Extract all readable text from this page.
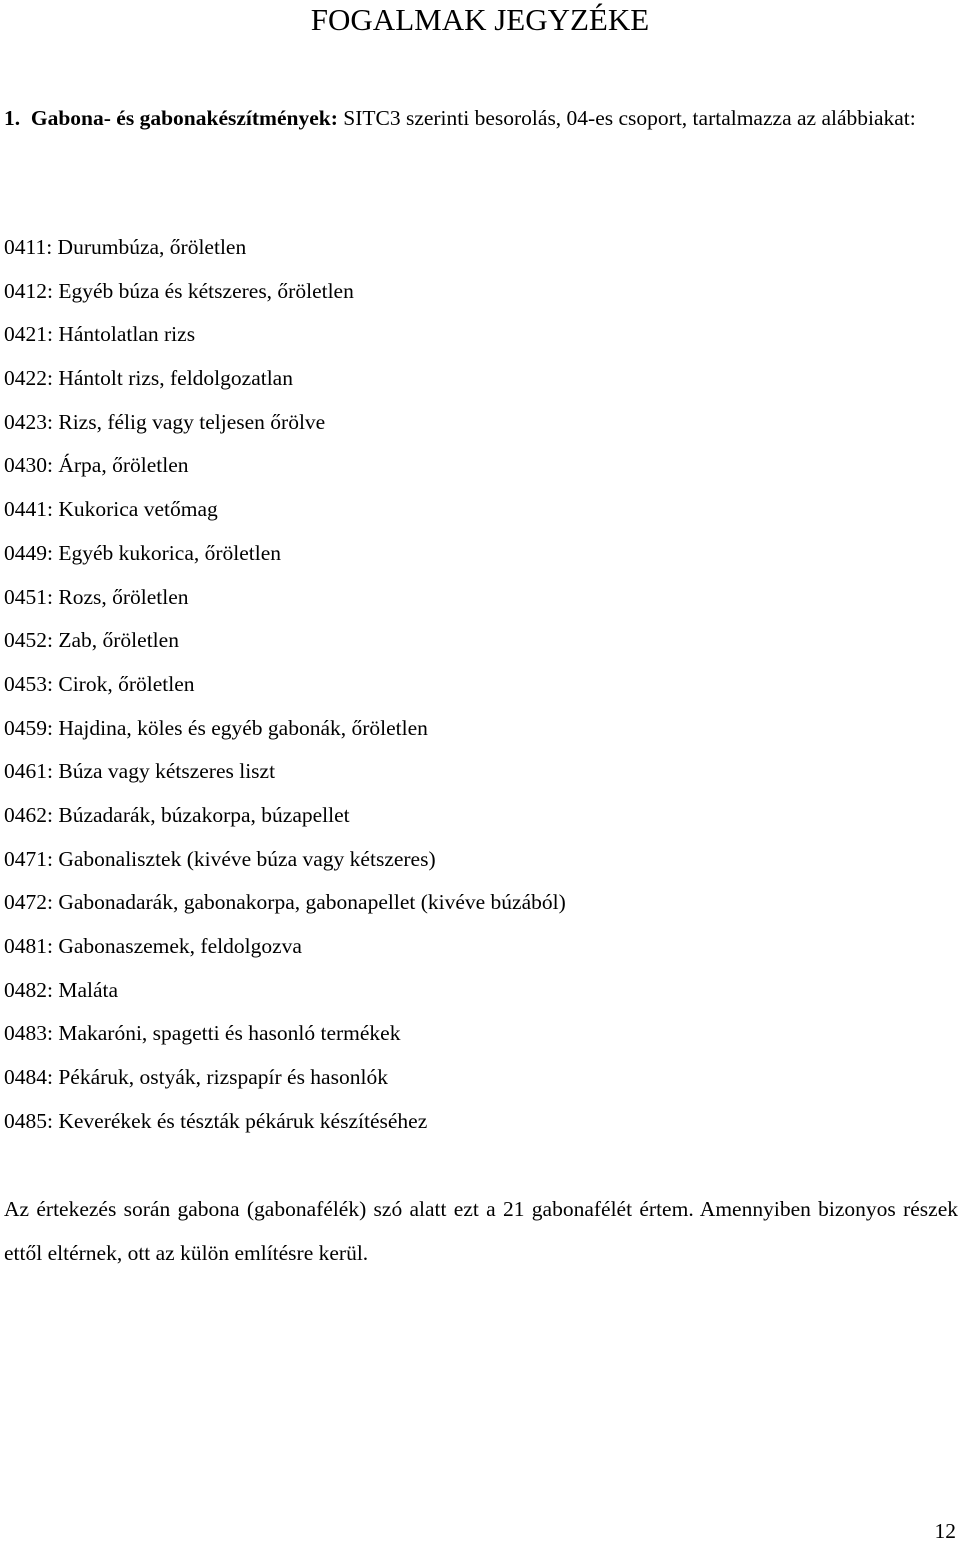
FOGALMAK JEGYZÉKE

1. Gabona- és gabonakészítmények: SITC3 szerinti besorolás, 04-es csoport, tartalmazza az alábbiakat:

0411: Durumbúza, őröletlen
0412: Egyéb búza és kétszeres, őröletlen
0421: Hántolatlan rizs
0422: Hántolt rizs, feldolgozatlan
0423: Rizs, félig vagy teljesen őrölve
0430: Árpa, őröletlen
0441: Kukorica vetőmag
0449: Egyéb kukorica, őröletlen
0451: Rozs, őröletlen
0452: Zab, őröletlen
0453: Cirok, őröletlen
0459: Hajdina, köles és egyéb gabonák, őröletlen
0461: Búza vagy kétszeres liszt
0462: Búzadarák, búzakorpa, búzapellet
0471: Gabonalisztek (kivéve búza vagy kétszeres)
0472: Gabonadarák, gabonakorpa, gabonapellet (kivéve búzából)
0481: Gabonaszemek, feldolgozva
0482: Maláta
0483: Makaróni, spagetti és hasonló termékek
0484: Pékáruk, ostyák, rizspapír és hasonlók
0485: Keverékek és tészták pékáruk készítéséhez

Az értekezés során gabona (gabonafélék) szó alatt ezt a 21 gabonafélét értem. Amennyiben bizonyos részek ettől eltérnek, ott az külön említésre kerül.

12
